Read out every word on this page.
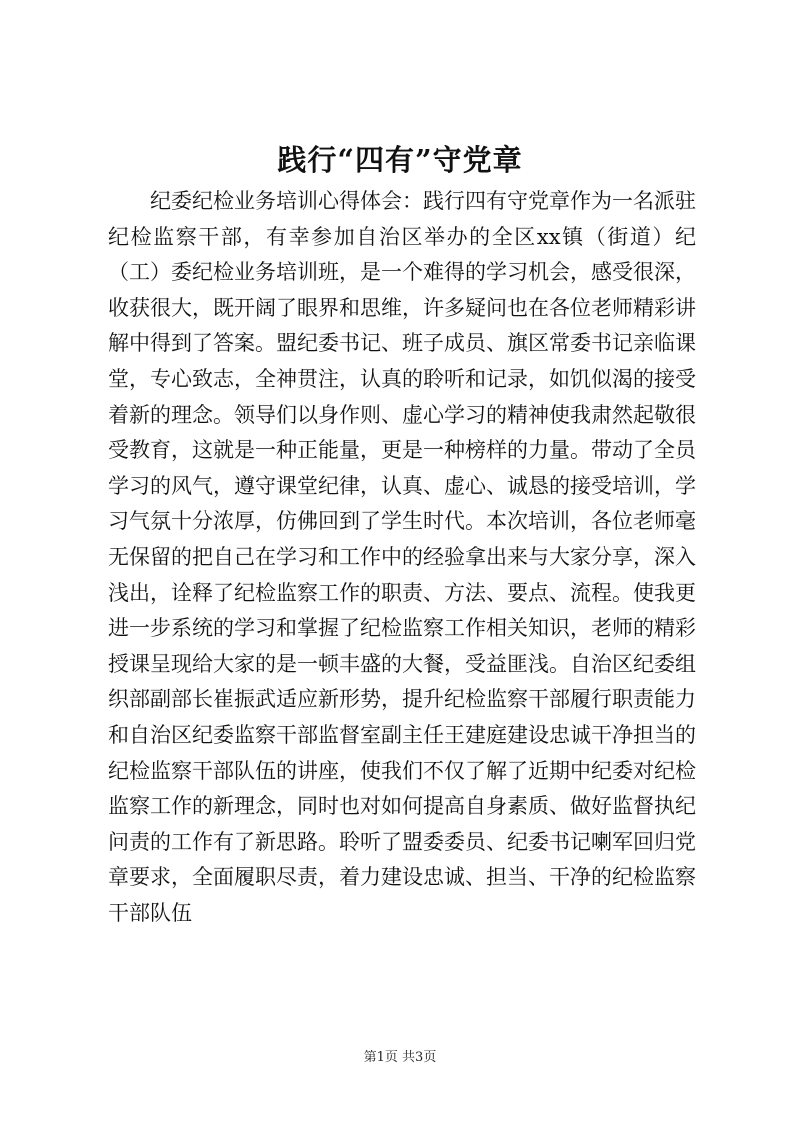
践行“四有”守党章

纪委纪检业务培训心得体会：践行四有守党章作为一名派驻纪检监察干部，有幸参加自治区举办的全区xx镇（街道）纪（工）委纪检业务培训班，是一个难得的学习机会，感受很深，收获很大，既开阔了眼界和思维，许多疑问也在各位老师精彩讲解中得到了答案。盟纪委书记、班子成员、旗区常委书记亲临课堂，专心致志，全神贯注，认真的聆听和记录，如饥似渴的接受着新的理念。领导们以身作则、虚心学习的精神使我肃然起敬很受教育，这就是一种正能量，更是一种榜样的力量。带动了全员学习的风气，遵守课堂纪律，认真、虚心、诚恳的接受培训，学习气氛十分浓厚，仿佛回到了学生时代。本次培训，各位老师毫无保留的把自己在学习和工作中的经验拿出来与大家分享，深入浅出，诠释了纪检监察工作的职责、方法、要点、流程。使我更进一步系统的学习和掌握了纪检监察工作相关知识，老师的精彩授课呈现给大家的是一顿丰盛的大餐，受益匪浅。自治区纪委组织部副部长崔振武适应新形势，提升纪检监察干部履行职责能力和自治区纪委监察干部监督室副主任王建庭建设忠诚干净担当的纪检监察干部队伍的讲座，使我们不仅了解了近期中纪委对纪检监察工作的新理念，同时也对如何提高自身素质、做好监督执纪问责的工作有了新思路。聆听了盟委委员、纪委书记喇军回归党章要求，全面履职尽责，着力建设忠诚、担当、干净的纪检监察干部队伍

第1页 共3页
